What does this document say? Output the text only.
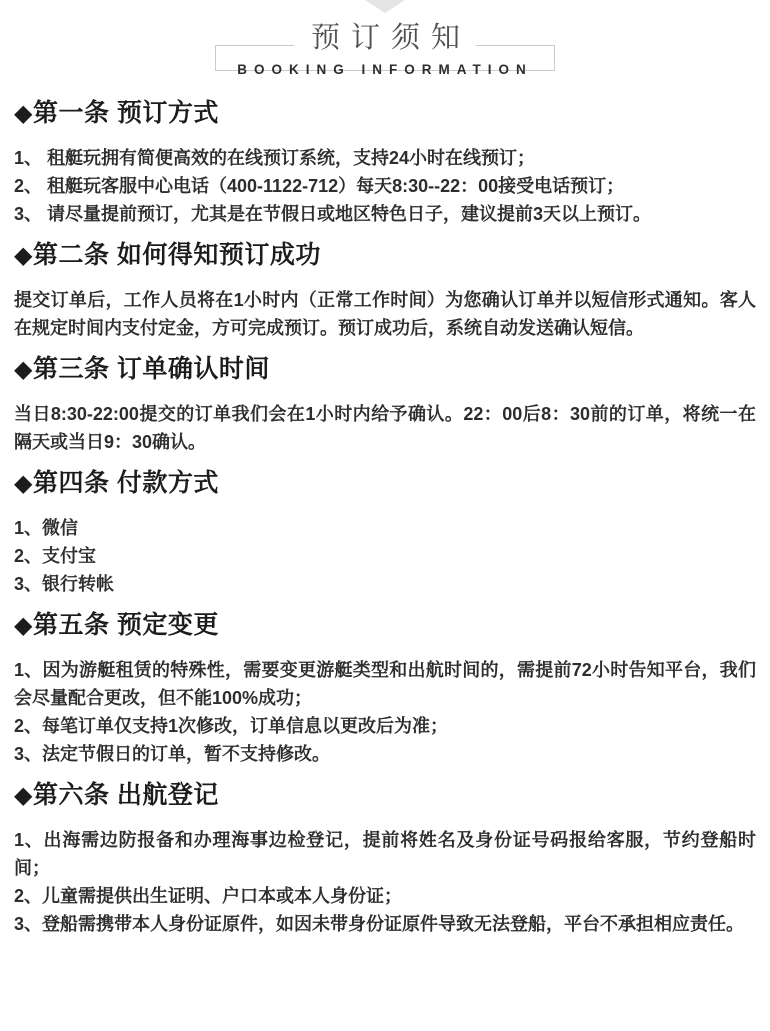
预订须知
BOOKING INFORMATION
◆第一条 预订方式

1、 租艇玩拥有简便高效的在线预订系统，支持24小时在线预订；

2、 租艇玩客服中心电话（400-1122-712）每天8:30--22：00接受电话预订；

3、 请尽量提前预订，尤其是在节假日或地区特色日子，建议提前3天以上预订。

◆第二条 如何得知预订成功

提交订单后，工作人员将在1小时内（正常工作时间）为您确认订单并以短信形式通知。客人在规定时间内支付定金，方可完成预订。预订成功后，系统自动发送确认短信。

◆第三条 订单确认时间

当日8:30-22:00提交的订单我们会在1小时内给予确认。22：00后8：30前的订单，将统一在隔天或当日9：30确认。

◆第四条 付款方式

1、微信

2、支付宝

3、银行转帐

◆第五条 预定变更

1、因为游艇租赁的特殊性，需要变更游艇类型和出航时间的，需提前72小时告知平台，我们会尽量配合更改，但不能100%成功；

2、每笔订单仅支持1次修改，订单信息以更改后为准；

3、法定节假日的订单，暂不支持修改。

◆第六条 出航登记

1、出海需边防报备和办理海事边检登记，提前将姓名及身份证号码报给客服，节约登船时间；

2、儿童需提供出生证明、户口本或本人身份证；

3、登船需携带本人身份证原件，如因未带身份证原件导致无法登船，平台不承担相应责任。
